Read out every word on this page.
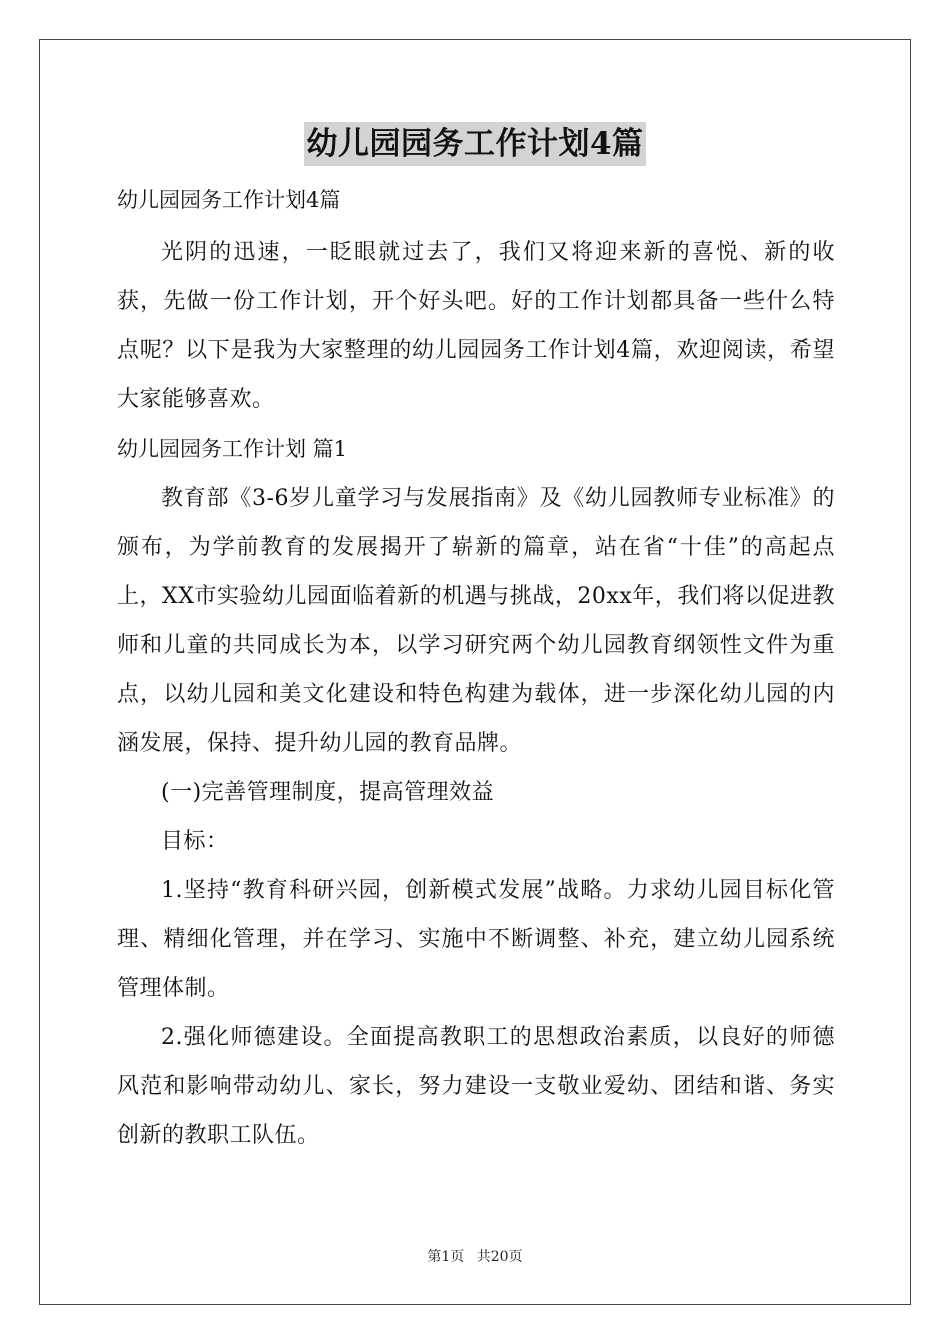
幼儿园园务工作计划4篇

幼儿园园务工作计划4篇

光阴的迅速，一眨眼就过去了，我们又将迎来新的喜悦、新的收获，先做一份工作计划，开个好头吧。好的工作计划都具备一些什么特点呢？以下是我为大家整理的幼儿园园务工作计划4篇，欢迎阅读，希望大家能够喜欢。

幼儿园园务工作计划 篇1

教育部《3-6岁儿童学习与发展指南》及《幼儿园教师专业标准》的颁布，为学前教育的发展揭开了崭新的篇章，站在省“十佳”的高起点上，XX市实验幼儿园面临着新的机遇与挑战，20xx年，我们将以促进教师和儿童的共同成长为本，以学习研究两个幼儿园教育纲领性文件为重点，以幼儿园和美文化建设和特色构建为载体，进一步深化幼儿园的内涵发展，保持、提升幼儿园的教育品牌。

(一)完善管理制度，提高管理效益

目标：

1.坚持“教育科研兴园，创新模式发展”战略。力求幼儿园目标化管理、精细化管理，并在学习、实施中不断调整、补充，建立幼儿园系统管理体制。

2.强化师德建设。全面提高教职工的思想政治素质，以良好的师德风范和影响带动幼儿、家长，努力建设一支敬业爱幼、团结和谐、务实创新的教职工队伍。

第1页 共20页
